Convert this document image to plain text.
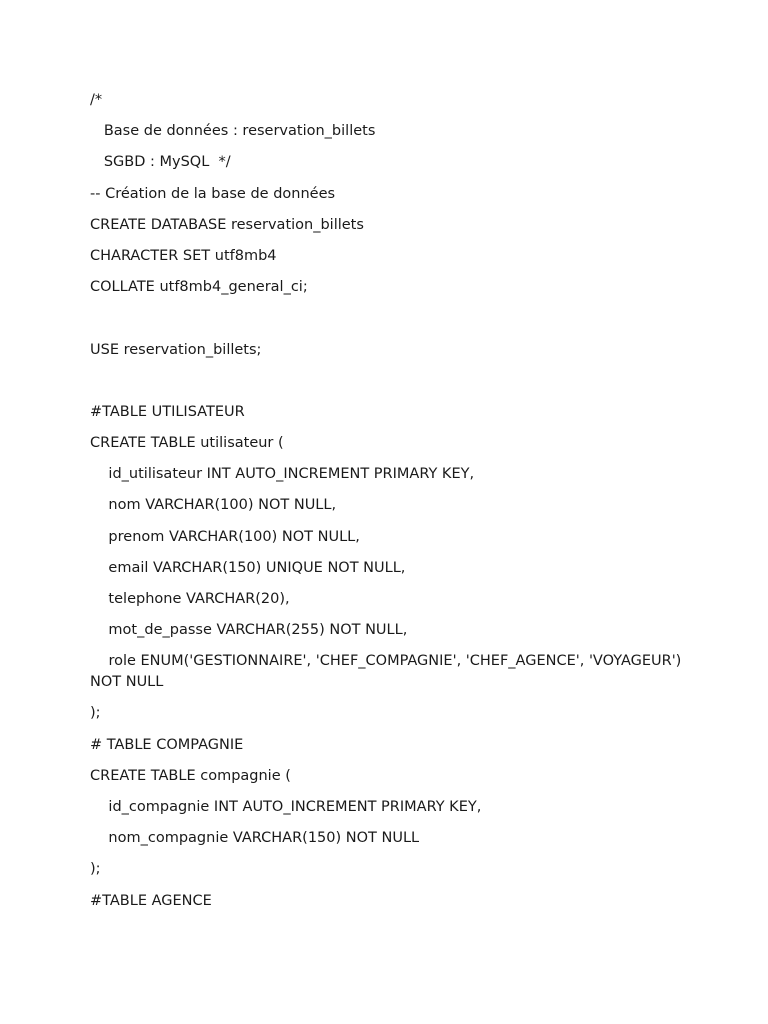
/*
Base de données : reservation_billets
SGBD : MySQL  */
-- Création de la base de données
CREATE DATABASE reservation_billets
CHARACTER SET utf8mb4
COLLATE utf8mb4_general_ci;
USE reservation_billets;
#TABLE UTILISATEUR
CREATE TABLE utilisateur (
id_utilisateur INT AUTO_INCREMENT PRIMARY KEY,
nom VARCHAR(100) NOT NULL,
prenom VARCHAR(100) NOT NULL,
email VARCHAR(150) UNIQUE NOT NULL,
telephone VARCHAR(20),
mot_de_passe VARCHAR(255) NOT NULL,
role ENUM('GESTIONNAIRE', 'CHEF_COMPAGNIE', 'CHEF_AGENCE', 'VOYAGEUR') NOT NULL
);
# TABLE COMPAGNIE
CREATE TABLE compagnie (
id_compagnie INT AUTO_INCREMENT PRIMARY KEY,
nom_compagnie VARCHAR(150) NOT NULL
);
#TABLE AGENCE
